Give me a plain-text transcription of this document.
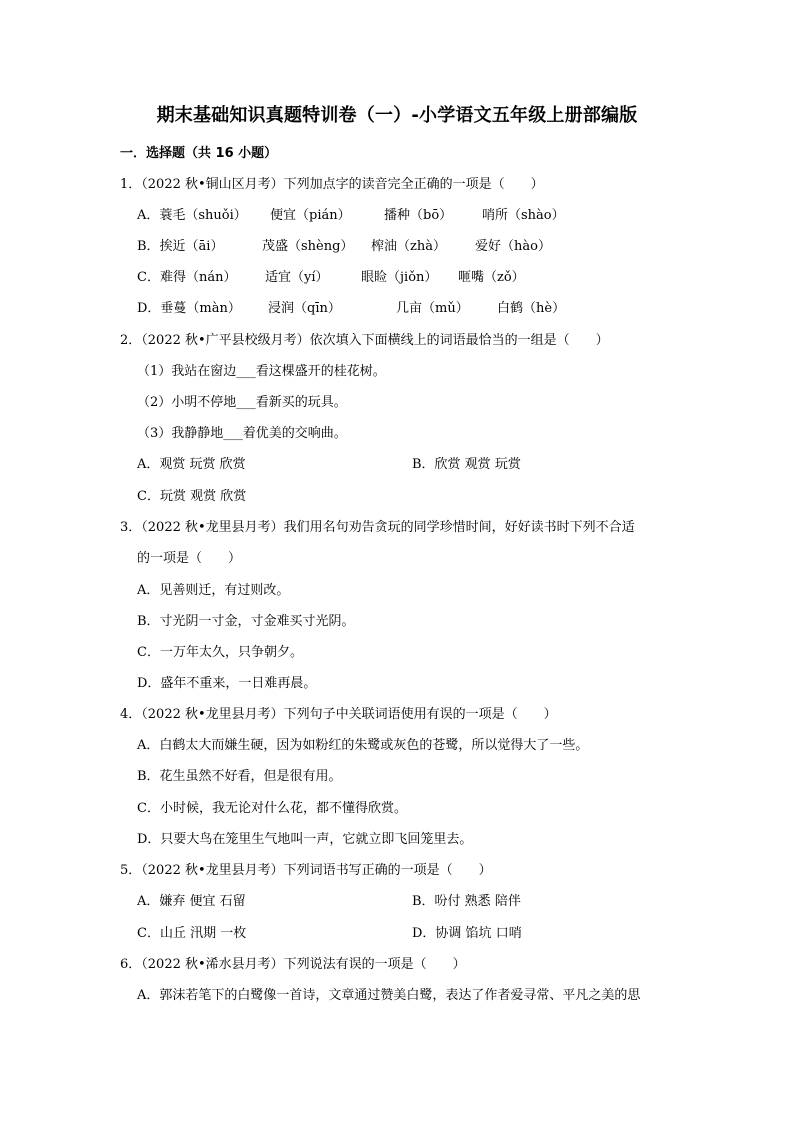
期末基础知识真题特训卷（一）-小学语文五年级上册部编版
一．选择题（共 16 小题）
1．（2022 秋•铜山区月考）下列加点字的读音完全正确的一项是（　　）
A．蓑毛（shuǒi） 便宜（pián）	播种（bō） 哨所（shào）
B．挨近（āi）	茂盛（shèng） 榨油（zhà） 爱好（hào）
C．难得（nán） 适宜（yí） 眼睑（jiǒn） 咂嘴（zǒ）
D．垂蔓（màn） 浸润（qīn）	几亩（mǔ） 白鹤（hè）
2．（2022 秋•广平县校级月考）依次填入下面横线上的词语最恰当的一组是（　　）
（1）我站在窗边___看这棵盛开的桂花树。
（2）小明不停地___看新买的玩具。
（3）我静静地___着优美的交响曲。
A．观赏 玩赏 欣赏	B．欣赏 观赏 玩赏
C．玩赏 观赏 欣赏
3．（2022 秋•龙里县月考）我们用名句劝告贪玩的同学珍惜时间，好好读书时下列不合适
的一项是（　　）
A．见善则迁，有过则改。
B．寸光阴一寸金，寸金难买寸光阴。
C．一万年太久，只争朝夕。
D．盛年不重来，一日难再晨。
4．（2022 秋•龙里县月考）下列句子中关联词语使用有误的一项是（　　）
A．白鹤太大而嫌生硬，因为如粉红的朱鹭或灰色的苍鹭，所以觉得大了一些。
B．花生虽然不好看，但是很有用。
C．小时候，我无论对什么花，都不懂得欣赏。
D．只要大鸟在笼里生气地叫一声，它就立即飞回笼里去。
5．（2022 秋•龙里县月考）下列词语书写正确的一项是（　　）
A．嫌弃 便宜 石留	B．吩付 熟悉 陪伴
C．山丘 汛期 一枚	D．协调 馅坑 口哨
6．（2022 秋•浠水县月考）下列说法有误的一项是（　　）
A．郭沫若笔下的白鹭像一首诗，文章通过赞美白鹭，表达了作者爱寻常、平凡之美的思
